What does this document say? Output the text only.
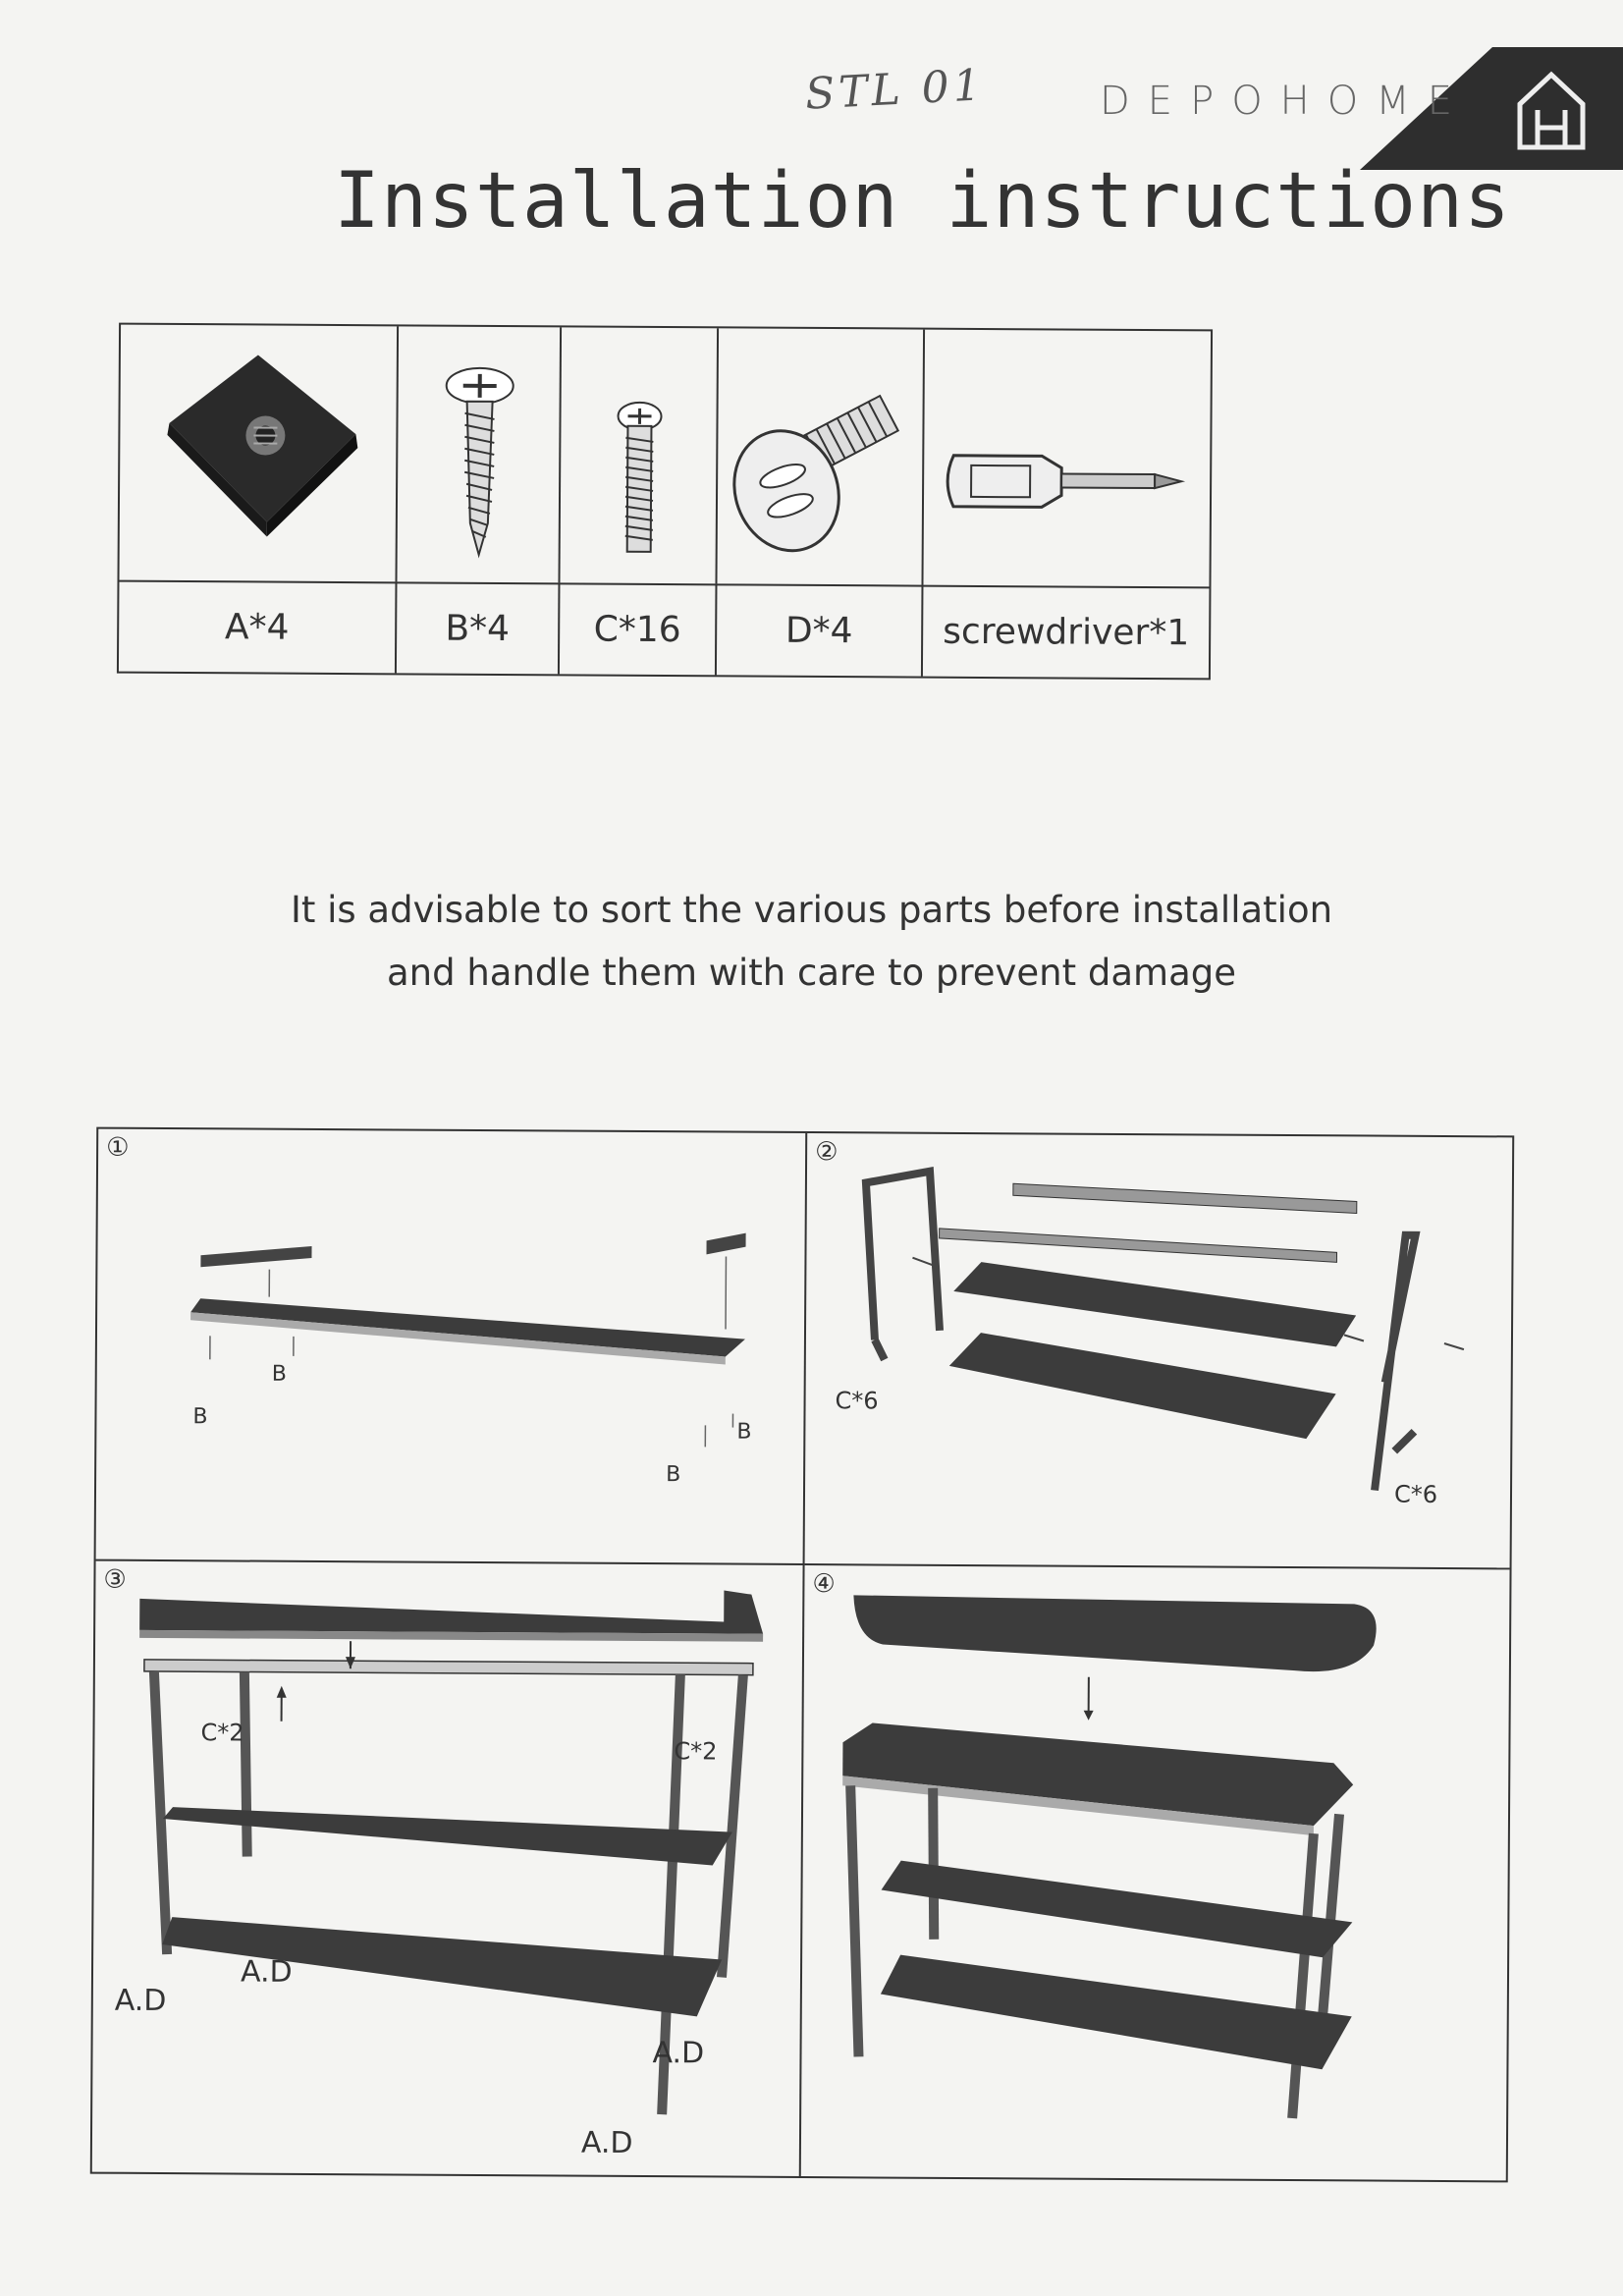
STL 01	DEPOHOME
Installation instructions
A*4	B*4	C*16	D*4	screwdriver*1
It is advisable to sort the various parts before installation
and handle them with care to prevent damage
①
B
B
B
B
②
C*6
C*6
③
C*2
C*2
A.D
A.D
A.D
A.D
④
